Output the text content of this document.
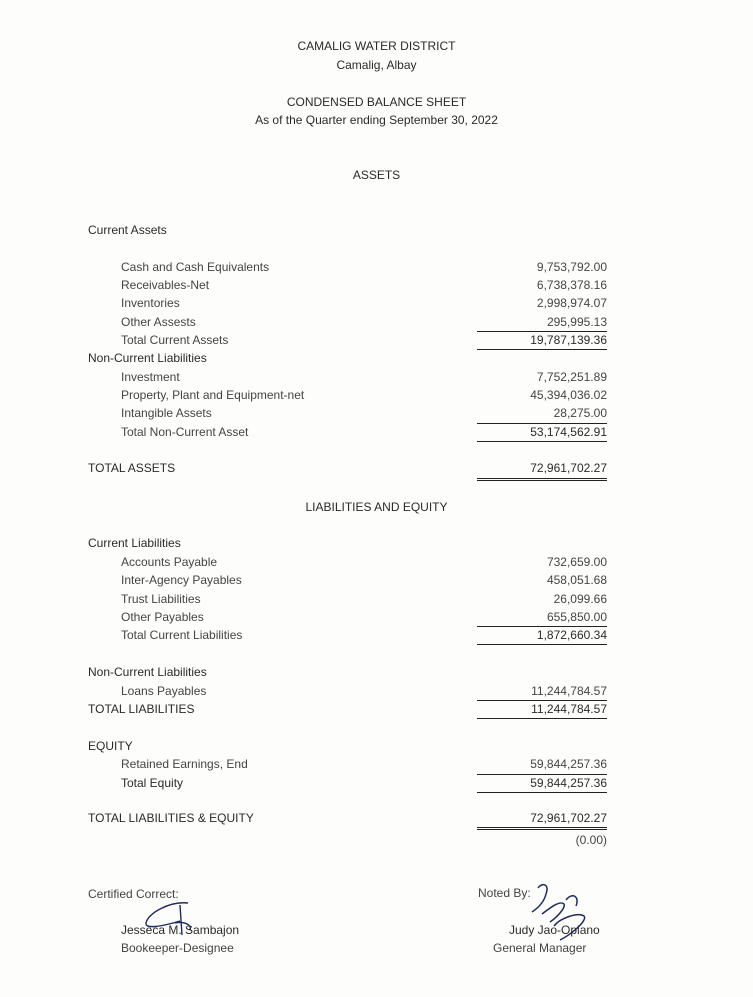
CAMALIG WATER DISTRICT
Camalig, Albay
CONDENSED BALANCE SHEET
As of the Quarter ending September 30, 2022
ASSETS
Current Assets
Cash and Cash Equivalents	9,753,792.00
Receivables-Net	6,738,378.16
Inventories	2,998,974.07
Other Assests	295,995.13
Total Current Assets	19,787,139.36
Non-Current Liabilities
Investment	7,752,251.89
Property, Plant and Equipment-net	45,394,036.02
Intangible Assets	28,275.00
Total Non-Current Asset	53,174,562.91
TOTAL ASSETS	72,961,702.27
LIABILITIES AND EQUITY
Current Liabilities
Accounts Payable	732,659.00
Inter-Agency Payables	458,051.68
Trust Liabilities	26,099.66
Other Payables	655,850.00
Total Current Liabilities	1,872,660.34
Non-Current Liabilities
Loans Payables	11,244,784.57
TOTAL LIABILITIES	11,244,784.57
EQUITY
Retained Earnings, End	59,844,257.36
Total Equity	59,844,257.36
TOTAL LIABILITIES & EQUITY	72,961,702.27
(0.00)
Certified Correct:
Jesseca M. Sambajon
Bookeeper-Designee
Noted By:
Judy Jao-Opiano
General Manager
